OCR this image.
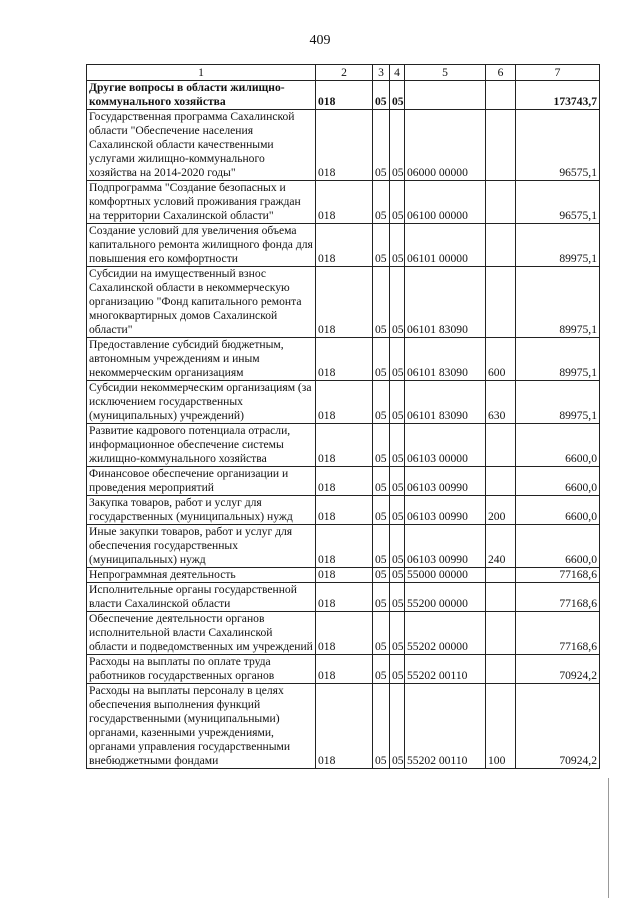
409
1	2	3	4	5	6	7
Другие вопросы в области жилищно-коммунального хозяйства	018	05	05			173743,7
Государственная программа Сахалинской области "Обеспечение населения Сахалинской области качественными услугами жилищно-коммунального хозяйства на 2014-2020 годы"	018	05	05	06000 00000		96575,1
Подпрограмма "Создание безопасных и комфортных условий проживания граждан на территории Сахалинской области"	018	05	05	06100 00000		96575,1
Создание условий для увеличения объема капитального ремонта жилищного фонда для повышения его комфортности	018	05	05	06101 00000		89975,1
Субсидии на имущественный взнос Сахалинской области в некоммерческую организацию "Фонд капитального ремонта многоквартирных домов Сахалинской области"	018	05	05	06101 83090		89975,1
Предоставление субсидий бюджетным, автономным учреждениям и иным некоммерческим организациям	018	05	05	06101 83090	600	89975,1
Субсидии некоммерческим организациям (за исключением государственных (муниципальных) учреждений)	018	05	05	06101 83090	630	89975,1
Развитие кадрового потенциала отрасли, информационное обеспечение системы жилищно-коммунального хозяйства	018	05	05	06103 00000		6600,0
Финансовое обеспечение организации и проведения мероприятий	018	05	05	06103 00990		6600,0
Закупка товаров, работ и услуг для государственных (муниципальных) нужд	018	05	05	06103 00990	200	6600,0
Иные закупки товаров, работ и услуг для обеспечения государственных (муниципальных) нужд	018	05	05	06103 00990	240	6600,0
Непрограммная деятельность	018	05	05	55000 00000		77168,6
Исполнительные органы государственной власти Сахалинской области	018	05	05	55200 00000		77168,6
Обеспечение деятельности органов исполнительной власти Сахалинской области и подведомственных им учреждений	018	05	05	55202 00000		77168,6
Расходы на выплаты по оплате труда работников государственных органов	018	05	05	55202 00110		70924,2
Расходы на выплаты персоналу в целях обеспечения выполнения функций государственными (муниципальными) органами, казенными учреждениями, органами управления государственными внебюджетными фондами	018	05	05	55202 00110	100	70924,2
